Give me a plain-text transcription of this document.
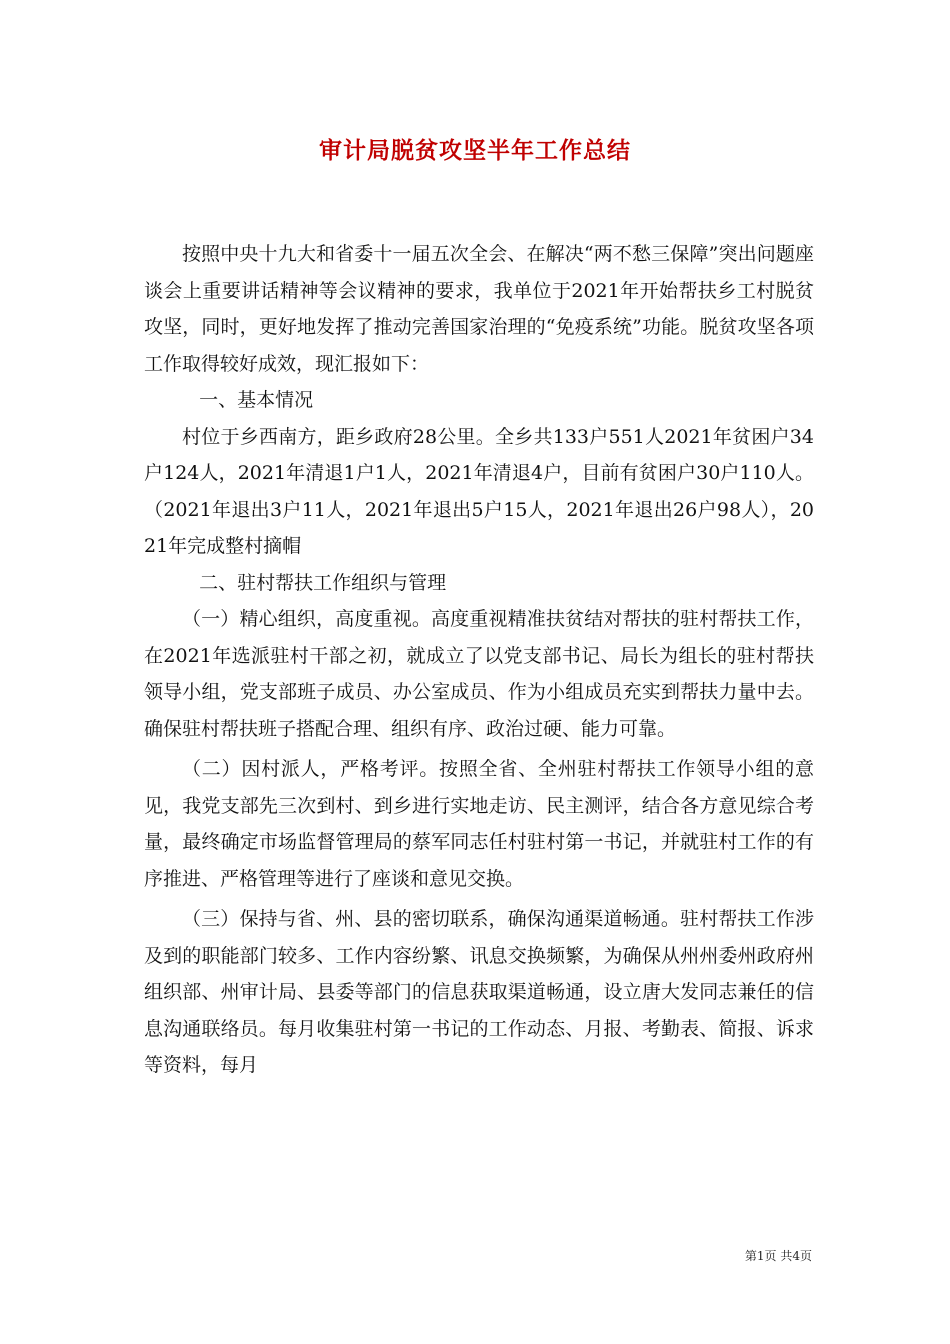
审计局脱贫攻坚半年工作总结

按照中央十九大和省委十一届五次全会、在解决“两不愁三保障”突出问题座谈会上重要讲话精神等会议精神的要求，我单位于2021年开始帮扶乡工村脱贫攻坚，同时，更好地发挥了推动完善国家治理的“免疫系统”功能。脱贫攻坚各项工作取得较好成效，现汇报如下：

一、基本情况

村位于乡西南方，距乡政府28公里。全乡共133户551人2021年贫困户34户124人，2021年清退1户1人，2021年清退4户，目前有贫困户30户110人。（2021年退出3户11人，2021年退出5户15人，2021年退出26户98人），2021年完成整村摘帽

二、驻村帮扶工作组织与管理

（一）精心组织，高度重视。高度重视精准扶贫结对帮扶的驻村帮扶工作，在2021年选派驻村干部之初，就成立了以党支部书记、局长为组长的驻村帮扶领导小组，党支部班子成员、办公室成员、作为小组成员充实到帮扶力量中去。确保驻村帮扶班子搭配合理、组织有序、政治过硬、能力可靠。

（二）因村派人，严格考评。按照全省、全州驻村帮扶工作领导小组的意见，我党支部先三次到村、到乡进行实地走访、民主测评，结合各方意见综合考量，最终确定市场监督管理局的蔡军同志任村驻村第一书记，并就驻村工作的有序推进、严格管理等进行了座谈和意见交换。

（三）保持与省、州、县的密切联系，确保沟通渠道畅通。驻村帮扶工作涉及到的职能部门较多、工作内容纷繁、讯息交换频繁，为确保从州州委州政府州组织部、州审计局、县委等部门的信息获取渠道畅通，设立唐大发同志兼任的信息沟通联络员。每月收集驻村第一书记的工作动态、月报、考勤表、简报、诉求等资料，每月

第1页 共4页
